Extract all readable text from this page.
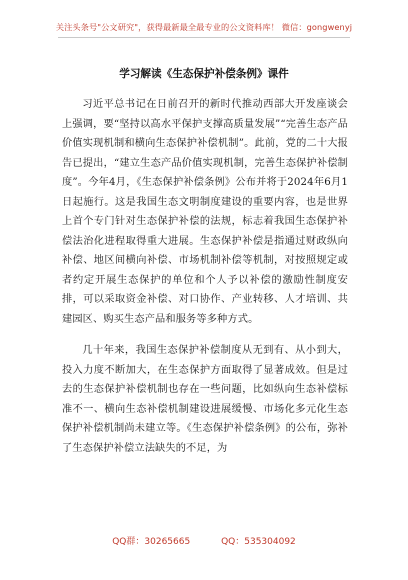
关注头条号"公文研究"，获得最新最全最专业的公文资料库！ 微信：gongwenyj
学习解读《生态保护补偿条例》课件

习近平总书记在日前召开的新时代推动西部大开发座谈会上强调，要“坚持以高水平保护支撑高质量发展”“完善生态产品价值实现机制和横向生态保护补偿机制”。此前，党的二十大报告已提出，“建立生态产品价值实现机制，完善生态保护补偿制度”。今年4月，《生态保护补偿条例》公布并将于2024年6月1日起施行。这是我国生态文明制度建设的重要内容，也是世界上首个专门针对生态保护补偿的法规，标志着我国生态保护补偿法治化进程取得重大进展。生态保护补偿是指通过财政纵向补偿、地区间横向补偿、市场机制补偿等机制，对按照规定或者约定开展生态保护的单位和个人予以补偿的激励性制度安排，可以采取资金补偿、对口协作、产业转移、人才培训、共建园区、购买生态产品和服务等多种方式。

几十年来，我国生态保护补偿制度从无到有、从小到大，投入力度不断加大，在生态保护方面取得了显著成效。但是过去的生态保护补偿机制也存在一些问题，比如纵向生态补偿标准不一、横向生态补偿机制建设进展缓慢、市场化多元化生态保护补偿机制尚未建立等。《生态保护补偿条例》的公布，弥补了生态保护补偿立法缺失的不足，为

QQ群：30265665	QQ：535304092
